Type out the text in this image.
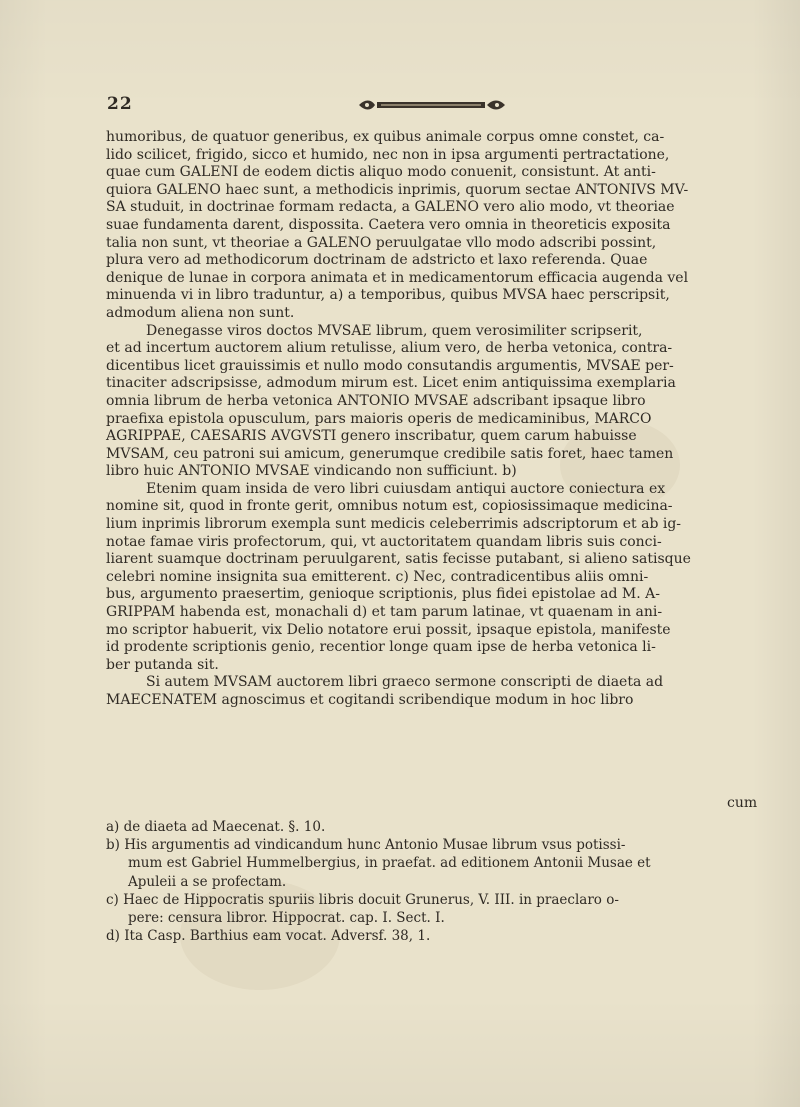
22
humoribus, de quatuor generibus, ex quibus animale corpus omne constet, ca-
lido scilicet, frigido, sicco et humido, nec non in ipsa argumenti pertractatione,
quae cum GALENI de eodem dictis aliquo modo conuenit, consistunt. At anti-
quiora GALENO haec sunt, a methodicis inprimis, quorum sectae ANTONIVS MV-
SA studuit, in doctrinae formam redacta, a GALENO vero alio modo, vt theoriae
suae fundamenta darent, dispossita. Caetera vero omnia in theoreticis exposita
talia non sunt, vt theoriae a GALENO peruulgatae vllo modo adscribi possint,
plura vero ad methodicorum doctrinam de adstricto et laxo referenda. Quae
denique de lunae in corpora animata et in medicamentorum efficacia augenda vel
minuenda vi in libro traduntur, a) a temporibus, quibus MVSA haec perscripsit,
admodum aliena non sunt.
Denegasse viros doctos MVSAE librum, quem verosimiliter scripserit,
et ad incertum auctorem alium retulisse, alium vero, de herba vetonica, contra-
dicentibus licet grauissimis et nullo modo consutandis argumentis, MVSAE per-
tinaciter adscripsisse, admodum mirum est. Licet enim antiquissima exemplaria
omnia librum de herba vetonica ANTONIO MVSAE adscribant ipsaque libro
praefixa epistola opusculum, pars maioris operis de medicaminibus, MARCO
AGRIPPAE, CAESARIS AVGVSTI genero inscribatur, quem carum habuisse
MVSAM, ceu patroni sui amicum, generumque credibile satis foret, haec tamen
libro huic ANTONIO MVSAE vindicando non sufficiunt. b)
Etenim quam insida de vero libri cuiusdam antiqui auctore coniectura ex
nomine sit, quod in fronte gerit, omnibus notum est, copiosissimaque medicina-
lium inprimis librorum exempla sunt medicis celeberrimis adscriptorum et ab ig-
notae famae viris profectorum, qui, vt auctoritatem quandam libris suis conci-
liarent suamque doctrinam peruulgarent, satis fecisse putabant, si alieno satisque
celebri nomine insignita sua emitterent. c) Nec, contradicentibus aliis omni-
bus, argumento praesertim, genioque scriptionis, plus fidei epistolae ad M. A-
GRIPPAM habenda est, monachali d) et tam parum latinae, vt quaenam in ani-
mo scriptor habuerit, vix Delio notatore erui possit, ipsaque epistola, manifeste
id prodente scriptionis genio, recentior longe quam ipse de herba vetonica li-
ber putanda sit.
Si autem MVSAM auctorem libri graeco sermone conscripti de diaeta ad
MAECENATEM agnoscimus et cogitandi scribendique modum in hoc libro
cum
a) de diaeta ad Maecenat. §. 10.
b) His argumentis ad vindicandum hunc Antonio Musae librum vsus potissi-
mum est Gabriel Hummelbergius, in praefat. ad editionem Antonii Musae et
Apuleii a se profectam.
c) Haec de Hippocratis spuriis libris docuit Grunerus, V. III. in praeclaro o-
pere: censura libror. Hippocrat. cap. I. Sect. I.
d) Ita Casp. Barthius eam vocat. Adversf. 38, 1.
